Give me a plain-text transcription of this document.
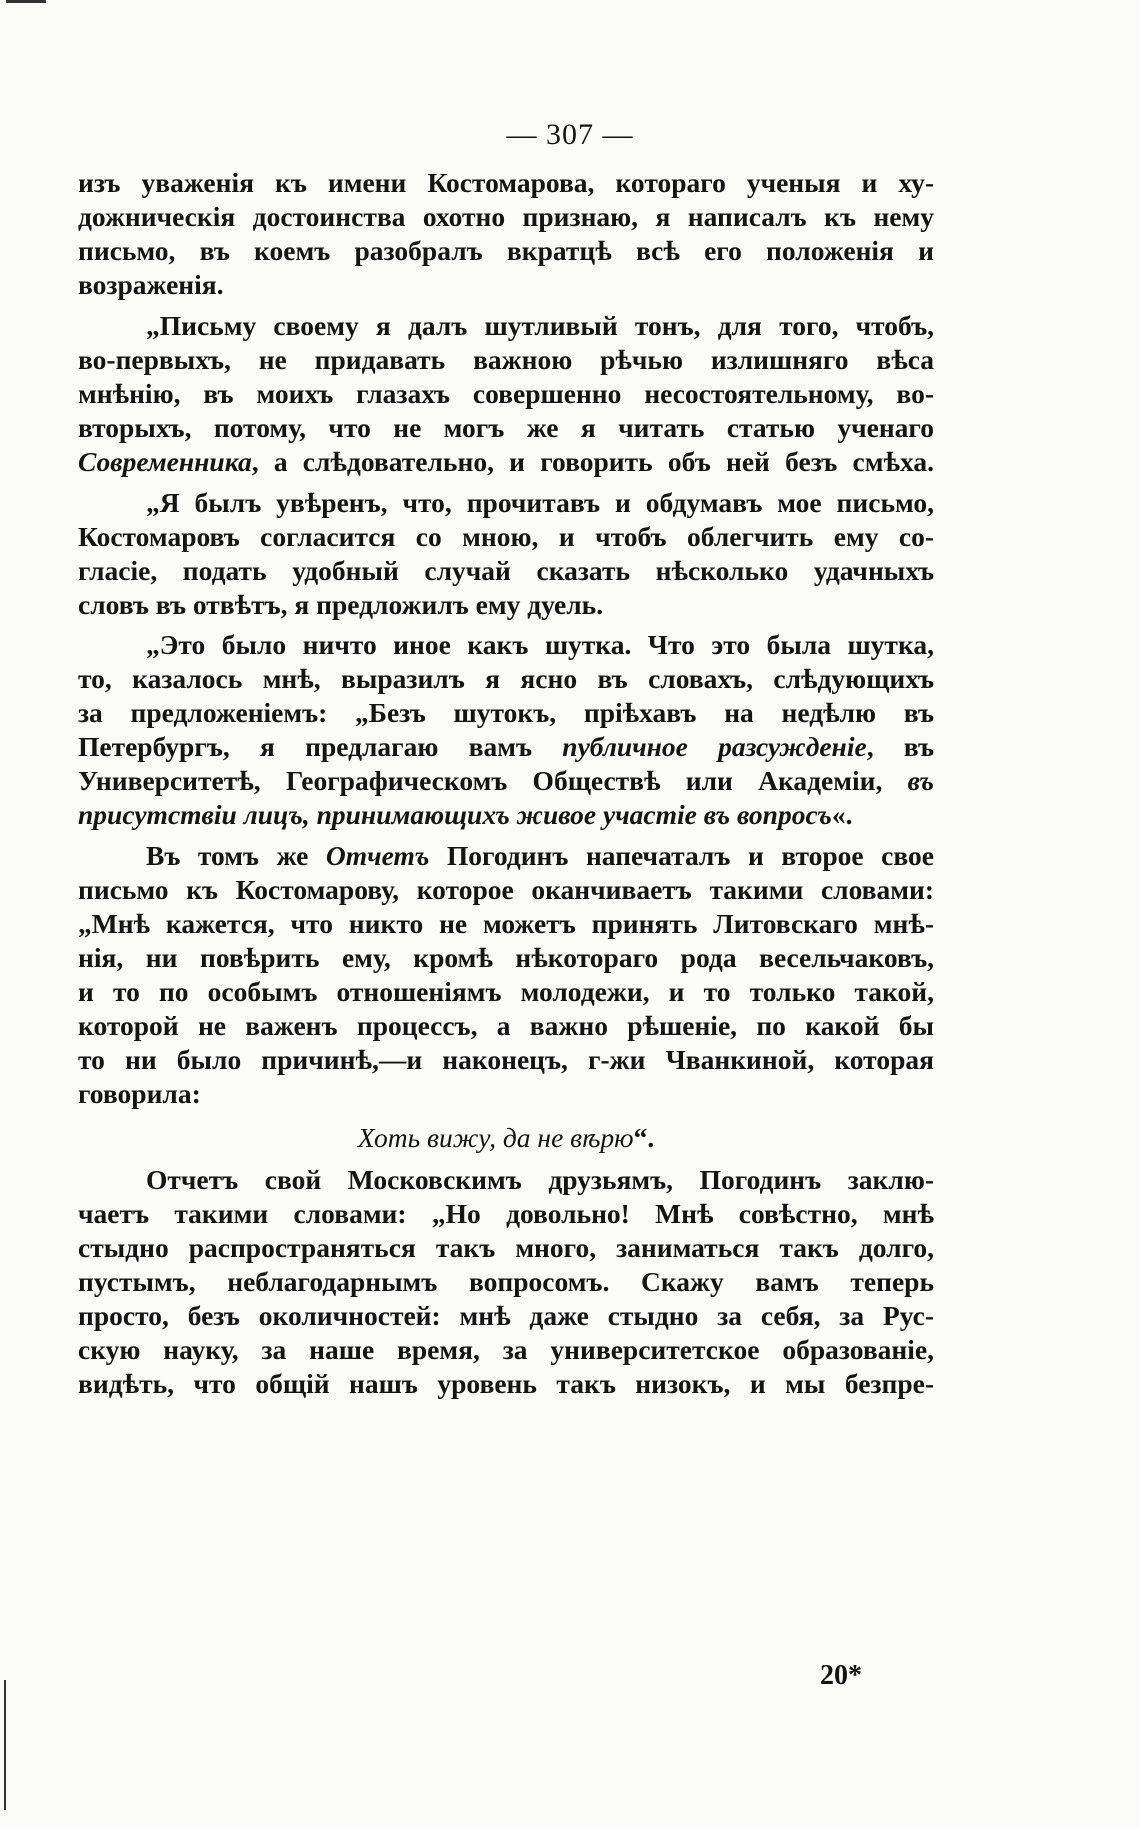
— 307 —
изъ уваженія къ имени Костомарова, котораго ученыя и ху-
дожническія достоинства охотно признаю, я написалъ къ нему
письмо, въ коемъ разобралъ вкратцѣ всѣ его положенія и
возраженія.
„Письму своему я далъ шутливый тонъ, для того, чтобъ,
во-первыхъ, не придавать важною рѣчью излишняго вѣса
мнѣнію, въ моихъ глазахъ совершенно несостоятельному, во-
вторыхъ, потому, что не могъ же я читать статью ученаго
Современника, а слѣдовательно, и говорить объ ней безъ смѣха.
„Я былъ увѣренъ, что, прочитавъ и обдумавъ мое письмо,
Костомаровъ согласится со мною, и чтобъ облегчить ему со-
гласіе, подать удобный случай сказать нѣсколько удачныхъ
словъ въ отвѣтъ, я предложилъ ему дуель.
„Это было ничто иное какъ шутка. Что это была шутка,
то, казалось мнѣ, выразилъ я ясно въ словахъ, слѣдующихъ
за предложеніемъ: „Безъ шутокъ, пріѣхавъ на недѣлю въ
Петербургъ, я предлагаю вамъ публичное разсужденіе, въ
Университетѣ, Географическомъ Обществѣ или Академіи, въ
присутствіи лицъ, принимающихъ живое участіе въ вопросъ«.
Въ томъ же Отчетъ Погодинъ напечаталъ и второе свое
письмо къ Костомарову, которое оканчиваетъ такими словами:
„Мнѣ кажется, что никто не можетъ принять Литовскаго мнѣ-
нія, ни повѣрить ему, кромѣ нѣкотораго рода весельчаковъ,
и то по особымъ отношеніямъ молодежи, и то только такой,
которой не важенъ процессъ, а важно рѣшеніе, по какой бы
то ни было причинѣ,—и наконецъ, г-жи Чванкиной, которая
говорила:
Хоть вижу, да не вѣрю“.
Отчетъ свой Московскимъ друзьямъ, Погодинъ заклю-
чаетъ такими словами: „Но довольно! Мнѣ совѣстно, мнѣ
стыдно распространяться такъ много, заниматься такъ долго,
пустымъ, неблагодарнымъ вопросомъ. Скажу вамъ теперь
просто, безъ околичностей: мнѣ даже стыдно за себя, за Рус-
скую науку, за наше время, за университетское образованіе,
видѣть, что общій нашъ уровень такъ низокъ, и мы безпре-
20*
